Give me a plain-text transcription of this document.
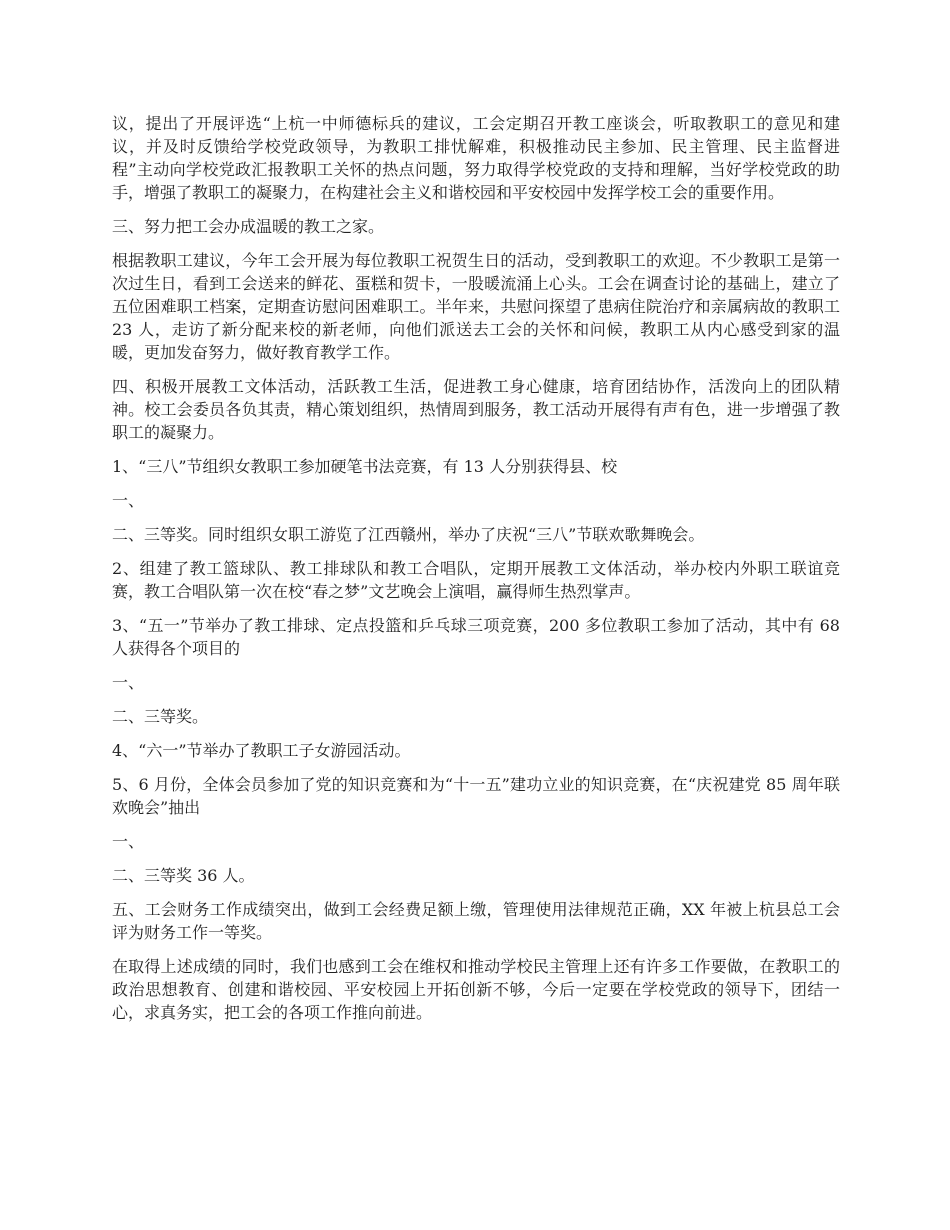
议，提出了开展评选“上杭一中师德标兵的建议，工会定期召开教工座谈会，听取教职工的意见和建议，并及时反馈给学校党政领导，为教职工排忧解难，积极推动民主参加、民主管理、民主监督进程”主动向学校党政汇报教职工关怀的热点问题，努力取得学校党政的支持和理解，当好学校党政的助手，增强了教职工的凝聚力，在构建社会主义和谐校园和平安校园中发挥学校工会的重要作用。

三、努力把工会办成温暖的教工之家。

根据教职工建议，今年工会开展为每位教职工祝贺生日的活动，受到教职工的欢迎。不少教职工是第一次过生日，看到工会送来的鲜花、蛋糕和贺卡，一股暖流涌上心头。工会在调查讨论的基础上，建立了五位困难职工档案，定期查访慰问困难职工。半年来，共慰问探望了患病住院治疗和亲属病故的教职工 23 人，走访了新分配来校的新老师，向他们派送去工会的关怀和问候，教职工从内心感受到家的温暖，更加发奋努力，做好教育教学工作。

四、积极开展教工文体活动，活跃教工生活，促进教工身心健康，培育团结协作，活泼向上的团队精神。校工会委员各负其责，精心策划组织，热情周到服务，教工活动开展得有声有色，进一步增强了教职工的凝聚力。

1、“三八”节组织女教职工参加硬笔书法竞赛，有 13 人分别获得县、校

一、

二、三等奖。同时组织女职工游览了江西赣州，举办了庆祝“三八”节联欢歌舞晚会。

2、组建了教工篮球队、教工排球队和教工合唱队，定期开展教工文体活动，举办校内外职工联谊竞赛，教工合唱队第一次在校“春之梦”文艺晚会上演唱，赢得师生热烈掌声。

3、“五一”节举办了教工排球、定点投篮和乒乓球三项竞赛，200 多位教职工参加了活动，其中有 68 人获得各个项目的

一、

二、三等奖。

4、“六一”节举办了教职工子女游园活动。

5、6 月份，全体会员参加了党的知识竞赛和为“十一五”建功立业的知识竞赛，在“庆祝建党 85 周年联欢晚会”抽出

一、

二、三等奖 36 人。

五、工会财务工作成绩突出，做到工会经费足额上缴，管理使用法律规范正确，XX 年被上杭县总工会评为财务工作一等奖。

在取得上述成绩的同时，我们也感到工会在维权和推动学校民主管理上还有许多工作要做，在教职工的政治思想教育、创建和谐校园、平安校园上开拓创新不够，今后一定要在学校党政的领导下，团结一心，求真务实，把工会的各项工作推向前进。
